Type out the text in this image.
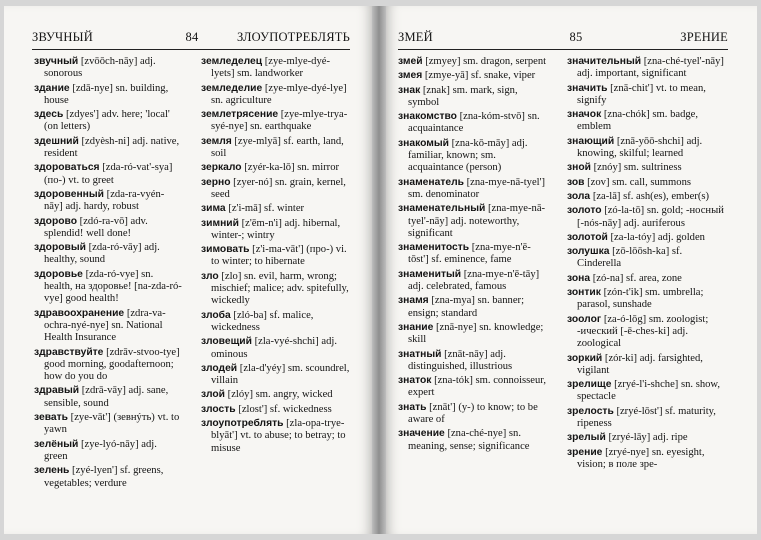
ЗВУЧНЫЙ	84	ЗЛОУПОТРЕБЛЯТЬ
звучный [zvōōch-nāy] adj. sonorous
здание [zdā-nye] sn. building, house
здесь [zdyes'] adv. here; 'local' (on letters)
здешний [zdyèsh-ni] adj. native, resident
здороваться [zda-ró-vat'-sya] (по-) vt. to greet
здоровенный [zda-ra-vyén-nāy] adj. hardy, robust
здорово [zdó-ra-vō] adv. splendid! well done!
здоровый [zda-ró-vāy] adj. healthy, sound
здоровье [zda-ró-vye] sn. health, на здоровье! [na-zda-ró-vye] good health!
здравоохранение [zdra-va-ochra-nyé-nye] sn. National Health Insurance
здравствуйте [zdrāv-stvoo-tye] good morning, goodafternoon; how do you do
здравый [zdrā-vāy] adj. sane, sensible, sound
зевать [zye-vāt'] (зевнýть) vt. to yawn
зелёный [zye-lyó-nāy] adj. green
зелень [zyé-lyen'] sf. greens, vegetables; verdure
земледелец [zye-mlye-dyé-lyets] sm. landworker
земледелие [zye-mlye-dyé-lye] sn. agriculture
землетрясение [zye-mlye-trya-syé-nye] sn. earthquake
земля [zye-mlyā] sf. earth, land, soil
зеркало [zyér-ka-lō] sn. mirror
зерно [zyer-nó] sn. grain, kernel, seed
зима [z'i-mā] sf. winter
зимний [z'ēm-n'i] adj. hibernal, winter-; wintry
зимовать [z'i-ma-vāt'] (про-) vi. to winter; to hibernate
зло [zlo] sn. evil, harm, wrong; mischief; malice; adv. spitefully, wickedly
злоба [zló-ba] sf. malice, wickedness
зловещий [zla-vyé-shchi] adj. ominous
злодей [zla-d'yéy] sm. scoundrel, villain
злой [zlóy] sm. angry, wicked
злость [zlost'] sf. wickedness
злоупотреблять [zla-opa-trye-blyāt'] vt. to abuse; to betray; to misuse
ЗМЕЙ	85	ЗРЕНИЕ
змей [zmyey] sm. dragon, serpent
змея [zmye-yā] sf. snake, viper
знак [znak] sm. mark, sign, symbol
знакомство [zna-kóm-stvō] sn. acquaintance
знакомый [zna-kō-māy] adj. familiar, known; sm. acquaintance (person)
знаменатель [zna-mye-nā-tyel'] sm. denominator
знаменательный [zna-mye-nā-tyel'-nāy] adj. noteworthy, significant
знаменитость [zna-mye-n'ē-tōst'] sf. eminence, fame
знаменитый [zna-mye-n'ē-tāy] adj. celebrated, famous
знамя [zna-mya] sn. banner; ensign; standard
знание [znā-nye] sn. knowledge; skill
знатный [znāt-nāy] adj. distinguished, illustrious
знаток [zna-tók] sm. connoisseur, expert
знать [znāt'] (у-) to know; to be aware of
значение [zna-ché-nye] sn. meaning, sense; significance
значительный [zna-ché-tyel'-nāy] adj. important, significant
значить [znā-chit'] vt. to mean, signify
значок [zna-chók] sm. badge, emblem
знающий [znā-yōō-shchi] adj. knowing, skilful; learned
зной [znóy] sm. sultriness
зов [zov] sm. call, summons
зола [za-lā] sf. ash(es), ember(s)
золото [zó-la-tō] sn. gold; -носный [-nós-nāy] adj. auriferous
золотой [za-la-tóy] adj. golden
золушка [zō-lōōsh-ka] sf. Cinderella
зона [zó-na] sf. area, zone
зонтик [zón-t'ik] sm. umbrella; parasol, sunshade
зоолог [za-ó-lōg] sm. zoologist; -ический [-ē-ches-ki] adj. zoological
зоркий [zór-ki] adj. farsighted, vigilant
зрелище [zryé-l'i-shche] sn. show, spectacle
зрелость [zryé-lōst'] sf. maturity, ripeness
зрелый [zryé-lāy] adj. ripe
зрение [zryé-nye] sn. eyesight, vision; в поле зре-
